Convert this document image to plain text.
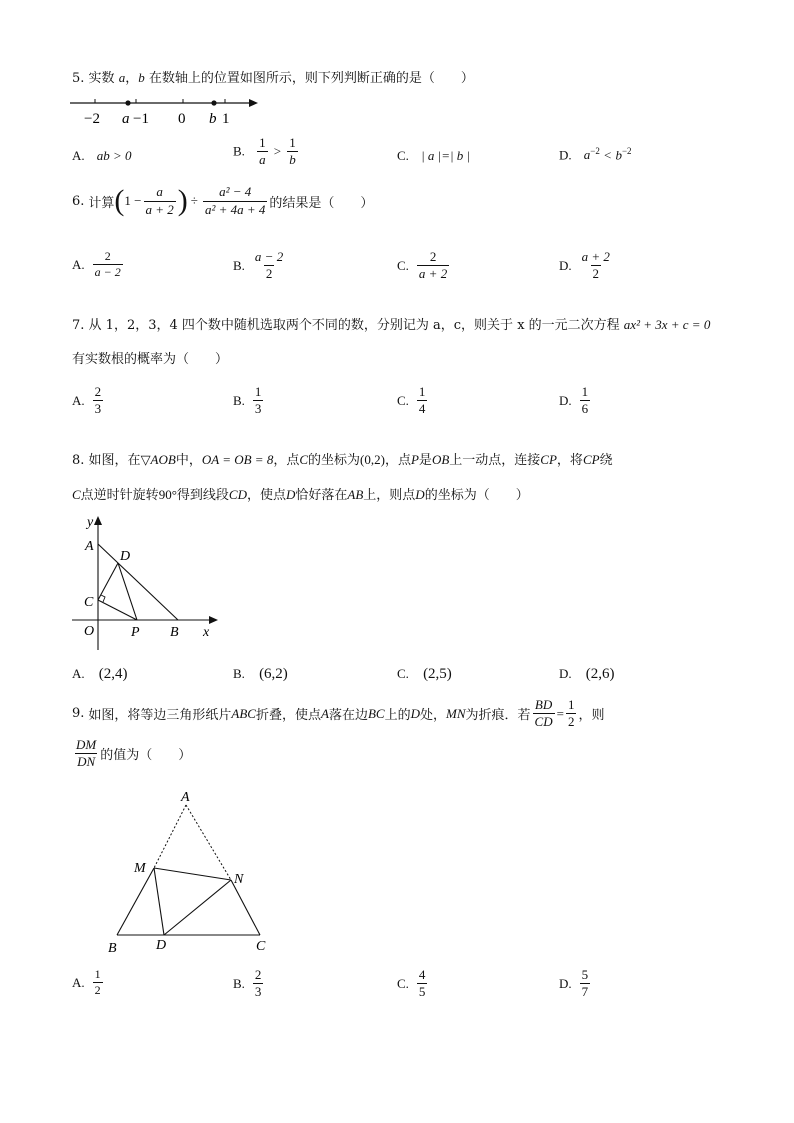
5. 实数 a，b 在数轴上的位置如图所示，则下列判断正确的是（　　）
−2 a −1 0 b 1
A. ab > 0	B. $\frac{1}{a} > \frac{1}{b}$	C. | a |=| b |	D. $a^{-2} < b^{-2}$
6. 计算 ( $1 - \frac{a}{a + 2}$ ) ÷ $\frac{\text{a² − 4}}{\text{a² + 4a + 4}}$ 的结果是（　　）
A. $\frac{2}{a - 2}$	B. $\frac{a - 2}{2}$	C. $\frac{2}{a + 2}$	D. $\frac{a + 2}{2}$
7. 从 1，2，3，4 四个数中随机选取两个不同的数，分别记为 a，c，则关于 x 的一元二次方程 ax² + 3x + c = 0
有实数根的概率为（　　）
A. $\frac{2}{3}$	B. $\frac{1}{3}$	C. $\frac{1}{4}$	D. $\frac{1}{6}$
8. 如图，在▽AOB中，OA = OB = 8，点C的坐标为(0,2)，点P是OB上一动点，连接CP，将CP绕
C点逆时针旋转90°得到线段CD，使点D恰好落在AB上，则点D的坐标为（　　）
y
A
D
C
O	P B x
A. (2,4)	B. (6,2)	C. (2,5)	D. (2,6)
9. 如图，将等边三角形纸片 ABC 折叠，使点 A 落在边 BC 上的 D 处， MN 为折痕．若 $\frac{BD}{CD} = \frac{1}{2}$ ，则
$\frac{DM}{DN}$ 的值为（　　）
A
M
N
B	D	C
A. $\frac{1}{2}$	B. $\frac{2}{3}$	C. $\frac{4}{5}$	D. $\frac{5}{7}$
